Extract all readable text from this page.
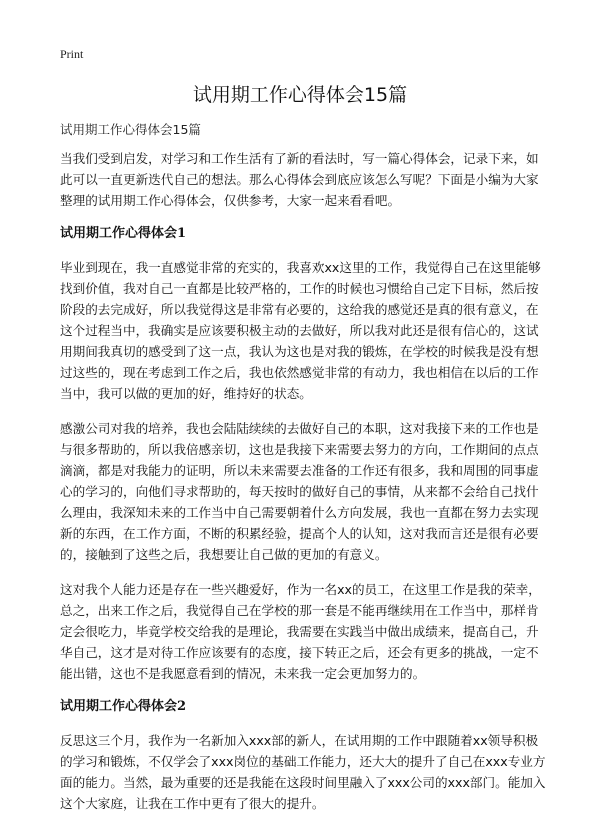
Print
试用期工作心得体会15篇
试用期工作心得体会15篇

当我们受到启发，对学习和工作生活有了新的看法时，写一篇心得体会，记录下来，如此可以一直更新迭代自己的想法。那么心得体会到底应该怎么写呢？下面是小编为大家整理的试用期工作心得体会，仅供参考，大家一起来看看吧。

试用期工作心得体会1

毕业到现在，我一直感觉非常的充实的，我喜欢xx这里的工作，我觉得自己在这里能够找到价值，我对自己一直都是比较严格的，工作的时候也习惯给自己定下目标，然后按阶段的去完成好，所以我觉得这是非常有必要的，这给我的感觉还是真的很有意义，在这个过程当中，我确实是应该要积极主动的去做好，所以我对此还是很有信心的，这试用期间我真切的感受到了这一点，我认为这也是对我的锻炼，在学校的时候我是没有想过这些的，现在考虑到工作之后，我也依然感觉非常的有动力，我也相信在以后的工作当中，我可以做的更加的好，维持好的状态。

感激公司对我的培养，我也会陆陆续续的去做好自己的本职，这对我接下来的工作也是与很多帮助的，所以我倍感亲切，这也是我接下来需要去努力的方向，工作期间的点点滴滴，都是对我能力的证明，所以未来需要去准备的工作还有很多，我和周围的同事虚心的学习的，向他们寻求帮助的，每天按时的做好自己的事情，从来都不会给自己找什么理由，我深知未来的工作当中自己需要朝着什么方向发展，我也一直都在努力去实现新的东西，在工作方面，不断的积累经验，提高个人的认知，这对我而言还是很有必要的，接触到了这些之后，我想要让自己做的更加的有意义。

这对我个人能力还是存在一些兴趣爱好，作为一名xx的员工，在这里工作是我的荣幸，总之，出来工作之后，我觉得自己在学校的那一套是不能再继续用在工作当中，那样肯定会很吃力，毕竟学校交给我的是理论，我需要在实践当中做出成绩来，提高自己，升华自己，这才是对待工作应该要有的态度，接下转正之后，还会有更多的挑战，一定不能出错，这也不是我愿意看到的情况，未来我一定会更加努力的。

试用期工作心得体会2

反思这三个月，我作为一名新加入xxx部的新人，在试用期的工作中跟随着xx领导积极的学习和锻炼，不仅学会了xxx岗位的基础工作能力，还大大的提升了自己在xxx专业方面的能力。当然，最为重要的还是我能在这段时间里融入了xxx公司的xxx部门。能加入这个大家庭，让我在工作中更有了很大的提升。
